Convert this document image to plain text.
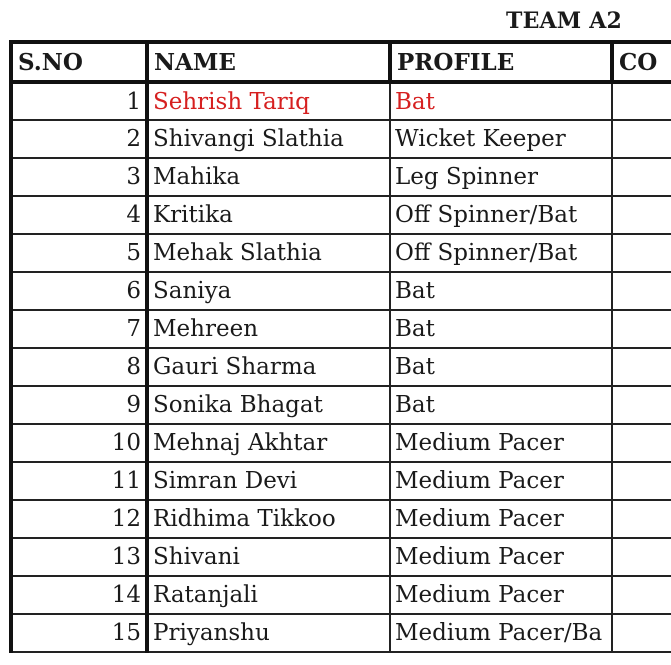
TEAM A2
S.NO	NAME	PROFILE	CO
1	Sehrish Tariq	Bat	
2	Shivangi Slathia	Wicket Keeper	
3	Mahika	Leg Spinner	
4	Kritika	Off Spinner/Bat	
5	Mehak Slathia	Off Spinner/Bat	
6	Saniya	Bat	
7	Mehreen	Bat	
8	Gauri Sharma	Bat	
9	Sonika Bhagat	Bat	
10	Mehnaj Akhtar	Medium Pacer	
11	Simran Devi	Medium Pacer	
12	Ridhima Tikkoo	Medium Pacer	
13	Shivani	Medium Pacer	
14	Ratanjali	Medium Pacer	
15	Priyanshu	Medium Pacer/Ba	
